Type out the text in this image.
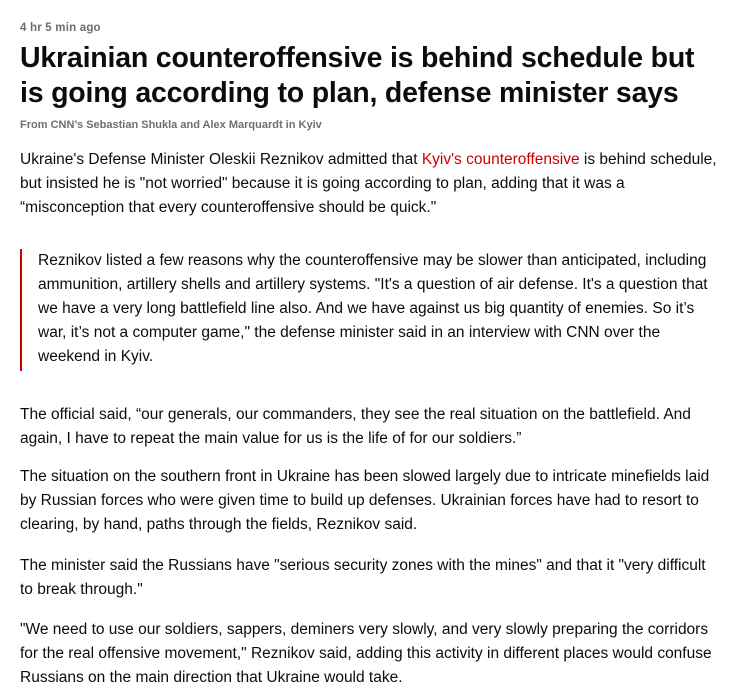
4 hr 5 min ago
Ukrainian counteroffensive is behind schedule but is going according to plan, defense minister says
From CNN’s Sebastian Shukla and Alex Marquardt in Kyiv

Ukraine's Defense Minister Oleskii Reznikov admitted that Kyiv's counteroffensive is behind schedule, but insisted he is "not worried" because it is going according to plan, adding that it was a “misconception that every counteroffensive should be quick."

Reznikov listed a few reasons why the counteroffensive may be slower than anticipated, including ammunition, artillery shells and artillery systems. "It's a question of air defense. It's a question that we have a very long battlefield line also. And we have against us big quantity of enemies. So it’s war, it’s not a computer game," the defense minister said in an interview with CNN over the weekend in Kyiv.

The official said, “our generals, our commanders, they see the real situation on the battlefield. And again, I have to repeat the main value for us is the life of for our soldiers.”

The situation on the southern front in Ukraine has been slowed largely due to intricate minefields laid by Russian forces who were given time to build up defenses. Ukrainian forces have had to resort to clearing, by hand, paths through the fields, Reznikov said.

The minister said the Russians have "serious security zones with the mines" and that it "very difficult to break through."

"We need to use our soldiers, sappers, deminers very slowly, and very slowly preparing the corridors for the real offensive movement," Reznikov said, adding this activity in different places would confuse Russians on the main direction that Ukraine would take.
